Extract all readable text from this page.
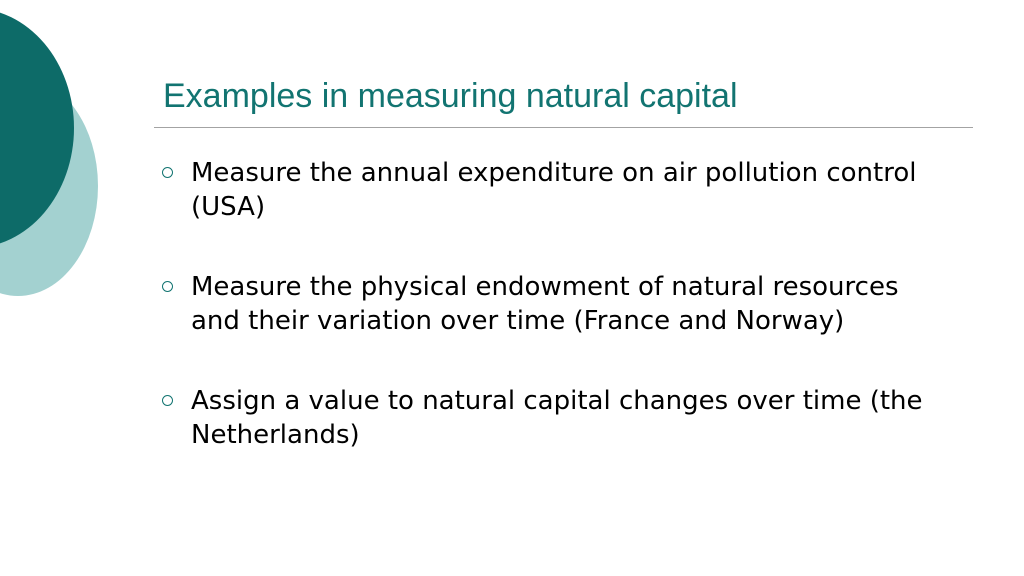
Examples in measuring natural capital
Measure the annual expenditure on air pollution control (USA)
Measure the physical endowment of natural resources and their variation over time (France and Norway)
Assign a value to natural capital changes over time (the Netherlands)
